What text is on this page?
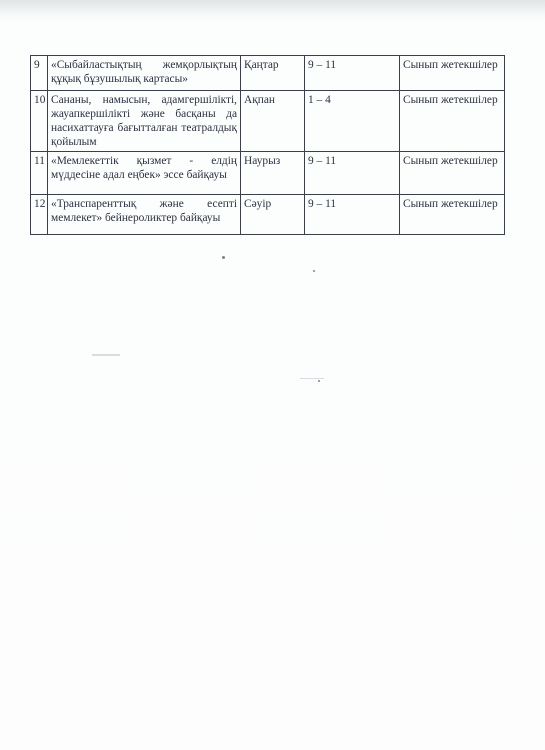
9	«Сыбайластықтың жемқорлықтың құқық бұзушылық картасы»	Қаңтар	9 – 11	Сынып жетекшілер
10	Сананы, намысын, адамгершілікті, жауапкершілікті және басқаны да насихаттауға бағытталған театралдық қойылым	Ақпан	1 – 4	Сынып жетекшілер
11	«Мемлекеттік қызмет - елдің мүддесіне адал еңбек» эссе байқауы	Наурыз	9 – 11	Сынып жетекшілер
12	«Транспаренттық және есепті мемлекет» бейнероликтер байқауы	Сәуір	9 – 11	Сынып жетекшілер
